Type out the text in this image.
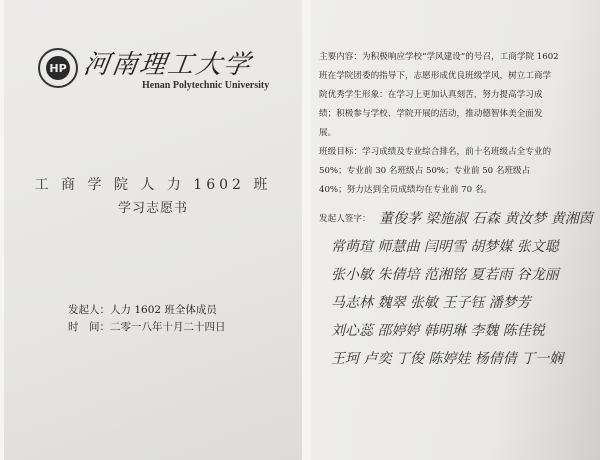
HP 河南理工大学
Henan Polytechnic University
工 商 学 院 人 力 1602 班
学习志愿书
发起人：人力 1602 班全体成员
时　间：二零一八年十月二十四日

主要内容：为积极响应学校“学风建设”的号召，工商学院 1602 班在学院团委的指导下，志愿形成优良班级学风，树立工商学院优秀学生形象：在学习上更加认真刻苦，努力提高学习成绩；积极参与学校、学院开展的活动，推动德智体美全面发展。

班级目标：学习成绩及专业综合排名，前十名班级占全专业的 50%；专业前 30 名班级占 50%；专业前 50 名班级占 40%；努力达到全员成绩均在专业前 70 名。

发起人签字： 董俊茅 梁施淑 石森 黄汝梦 黄湘茵
常萌瑄 师慧曲 闫明雪 胡梦媒 张文聪
张小敏 朱倩培 范湘铭 夏若雨 谷龙丽
马志林 魏翠 张敏 王子钰 潘梦芳
刘心蕊 邵婷婷 韩明琳 李魏 陈佳锐
王珂 卢奕 丁俊 陈婷娃 杨倩倩 丁一娴
